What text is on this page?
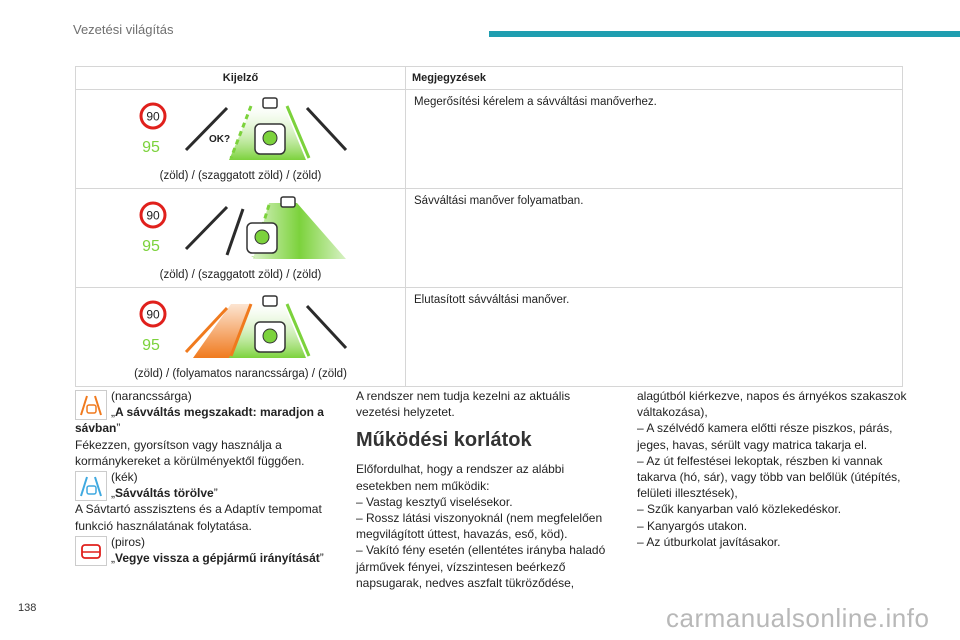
Vezetési világítás
Kijelző	Megjegyzések

90
95 OK?
(zöld) / (szaggatott zöld) / (zöld)	Megerősítési kérelem a sávváltási manőverhez.

90
95
(zöld) / (szaggatott zöld) / (zöld)	Sávváltási manőver folyamatban.

90
95
(zöld) / (folyamatos narancssárga) / (zöld)	Elutasított sávváltási manőver.
(narancssárga)
„A sávváltás megszakadt: maradjon a sávban”
Fékezzen, gyorsítson vagy használja a kormánykereket a körülményektől függően.
(kék)
„Sávváltás törölve”
A Sávtartó asszisztens és a Adaptív tempomat funkció használatának folytatása.
(piros)
„Vegye vissza a gépjármű irányítását”
A rendszer nem tudja kezelni az aktuális vezetési helyzetet.
Működési korlátok
Előfordulhat, hogy a rendszer az alábbi esetekben nem működik:
– Vastag kesztyű viselésekor.
– Rossz látási viszonyoknál (nem megfelelően megvilágított úttest, havazás, eső, köd).
– Vakító fény esetén (ellentétes irányba haladó járművek fényei, vízszintesen beérkező napsugarak, nedves aszfalt tükröződése,
alagútból kiérkezve, napos és árnyékos szakaszok váltakozása),
– A szélvédő kamera előtti része piszkos, párás, jeges, havas, sérült vagy matrica takarja el.
– Az út felfestései lekoptak, részben ki vannak takarva (hó, sár), vagy több van belőlük (útépítés, felületi illesztések),
– Szűk kanyarban való közlekedéskor.
– Kanyargós utakon.
– Az útburkolat javításakor.
138	carmanualsonline.info
